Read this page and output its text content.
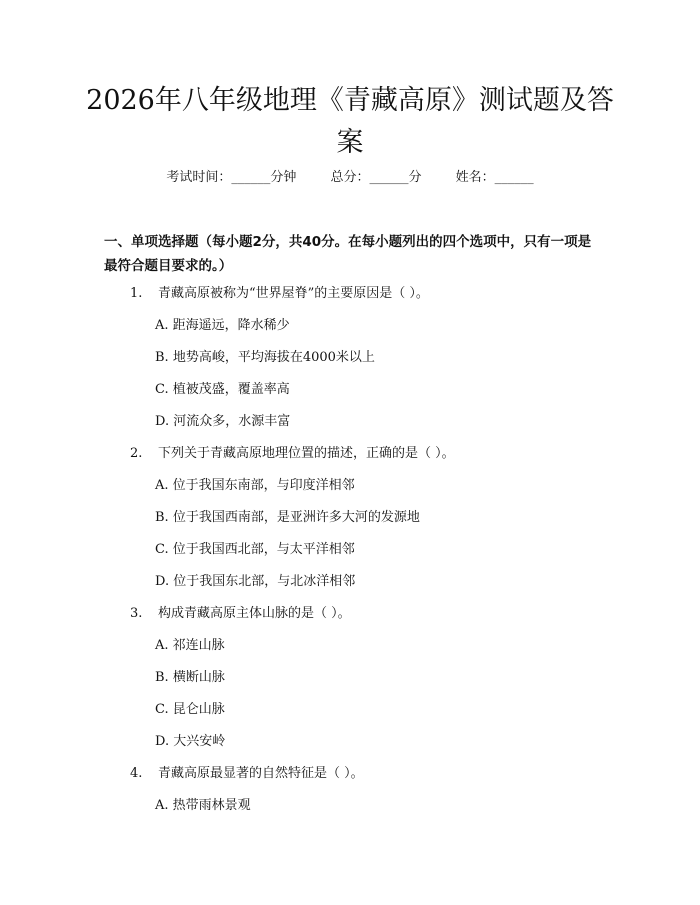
2026年八年级地理《青藏高原》测试题及答案
考试时间：______分钟	总分：______分	姓名：______
一、单项选择题（每小题2分，共40分。在每小题列出的四个选项中，只有一项是最符合题目要求的。）
1. 青藏高原被称为“世界屋脊”的主要原因是（ ）。
A. 距海遥远，降水稀少
B. 地势高峻，平均海拔在4000米以上
C. 植被茂盛，覆盖率高
D. 河流众多，水源丰富
2. 下列关于青藏高原地理位置的描述，正确的是（ ）。
A. 位于我国东南部，与印度洋相邻
B. 位于我国西南部，是亚洲许多大河的发源地
C. 位于我国西北部，与太平洋相邻
D. 位于我国东北部，与北冰洋相邻
3. 构成青藏高原主体山脉的是（ ）。
A. 祁连山脉
B. 横断山脉
C. 昆仑山脉
D. 大兴安岭
4. 青藏高原最显著的自然特征是（ ）。
A. 热带雨林景观
